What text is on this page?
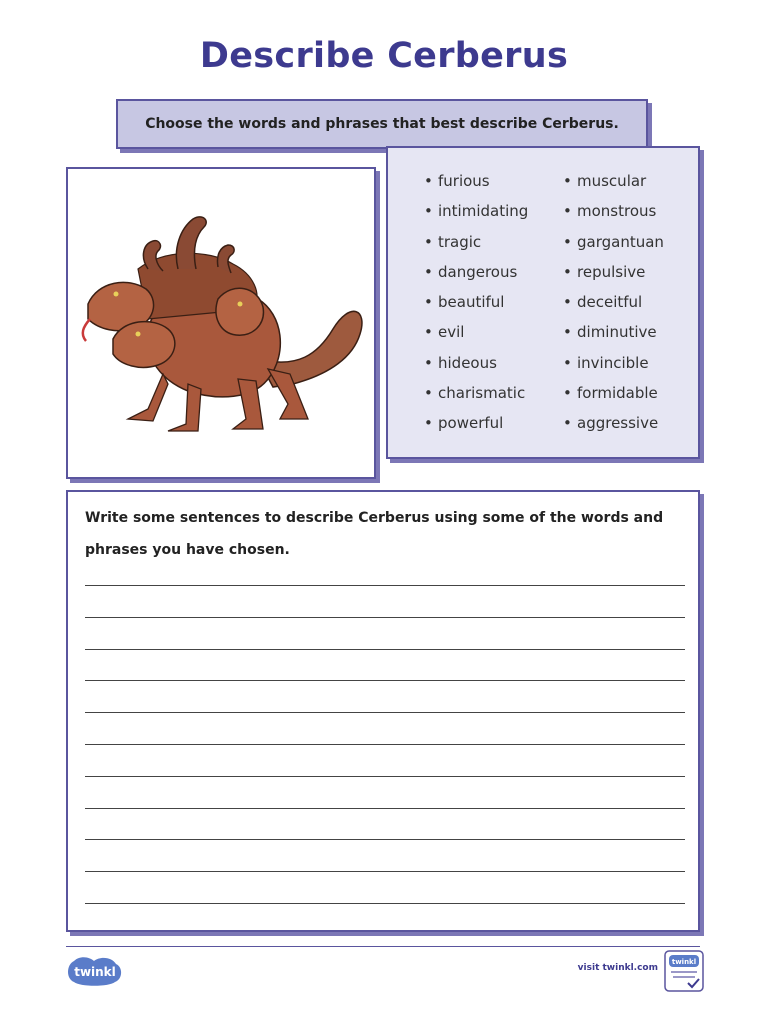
Describe Cerberus
Choose the words and phrases that best describe Cerberus.
• furious
• intimidating
• tragic
• dangerous
• beautiful
• evil
• hideous
• charismatic
• powerful
• muscular
• monstrous
• gargantuan
• repulsive
• deceitful
• diminutive
• invincible
• formidable
• aggressive
Write some sentences to describe Cerberus using some of the words and phrases you have chosen.
twinkl	visit twinkl.com
twinkl
